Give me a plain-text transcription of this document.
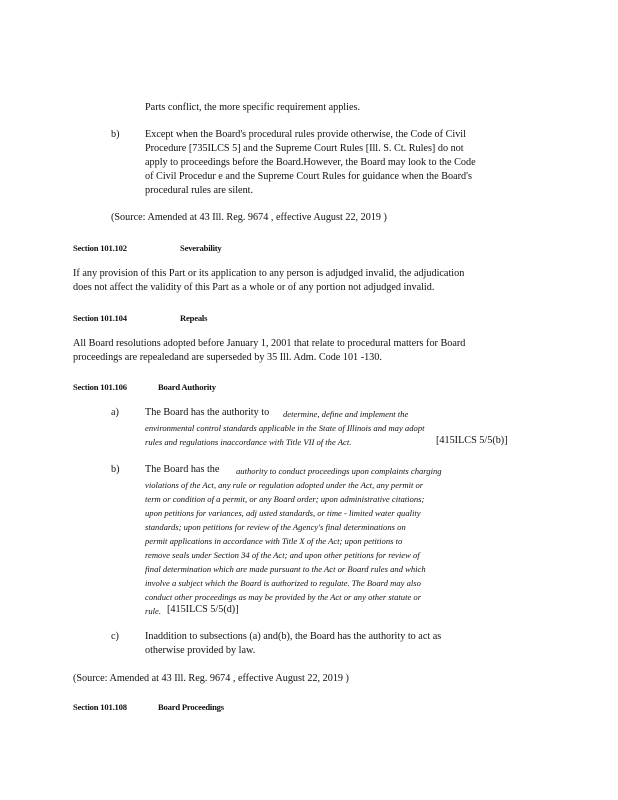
Parts conflict, the more specific requirement applies.
b)	Except when the Board's procedural rules provide otherwise, the Code of Civil
Procedure [735ILCS 5] and the Supreme Court Rules [Ill. S. Ct. Rules] do not
apply to proceedings before the Board.However, the Board may look to the Code
of Civil Procedur e and the Supreme Court Rules for guidance when the Board's
procedural rules are silent.
(Source: Amended at 43 Ill. Reg. 9674 , effective August 22, 2019 )
Section 101.102	Severability
If any provision of this Part or its application to any person is adjudged invalid, the adjudication
does not affect the validity of this Part as a whole or of any portion not adjudged invalid.
Section 101.104	Repeals
All Board resolutions adopted before January 1, 2001 that relate to procedural matters for Board
proceedings are repealedand are superseded by 35 Ill. Adm. Code 101 -130.
Section 101.106	Board Authority
a)	The Board has the authority to determine, define and implement the
environmental control standards applicable in the State of Illinois and may adopt
rules and regulations inaccordance with Title VII of the Act.	[415ILCS 5/5(b)]
b)	The Board has the authority to conduct proceedings upon complaints charging
violations of the Act, any rule or regulation adopted under the Act, any permit or
term or condition of a permit, or any Board order; upon administrative citations;
upon petitions for variances, adj usted standards, or time - limited water quality
standards; upon petitions for review of the Agency's final determinations on
permit applications in accordance with Title X of the Act; upon petitions to
remove seals under Section 34 of the Act; and upon other petitions for review of
final determination which are made pursuant to the Act or Board rules and which
involve a subject which the Board is authorized to regulate. The Board may also
conduct other proceedings as may be provided by the Act or any other statute or
rule. [415ILCS 5/5(d)]
c)	Inaddition to subsections (a) and(b), the Board has the authority to act as
otherwise provided by law.
(Source: Amended at 43 Ill. Reg. 9674 , effective August 22, 2019 )
Section 101.108	Board Proceedings
